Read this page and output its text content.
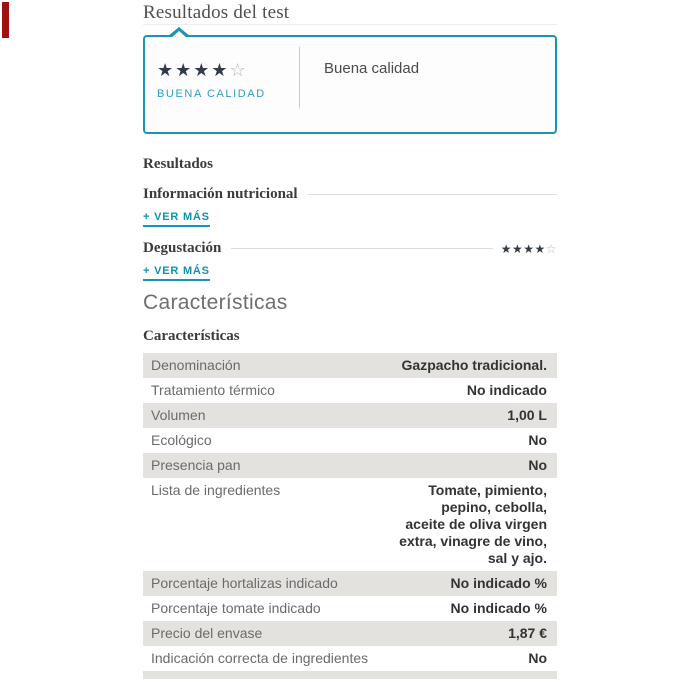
Resultados del test
★★★★☆
BUENA CALIDAD
Buena calidad
Resultados
Información nutricional
+ VER MÁS
Degustación	★★★★☆
+ VER MÁS
Características
Características
Denominación	Gazpacho tradicional.
Tratamiento térmico	No indicado
Volumen	1,00 L
Ecológico	No
Presencia pan	No
Lista de ingredientes	Tomate, pimiento, pepino, cebolla, aceite de oliva virgen extra, vinagre de vino, sal y ajo.
Porcentaje hortalizas indicado	No indicado %
Porcentaje tomate indicado	No indicado %
Precio del envase	1,87 €
Indicación correcta de ingredientes	No
